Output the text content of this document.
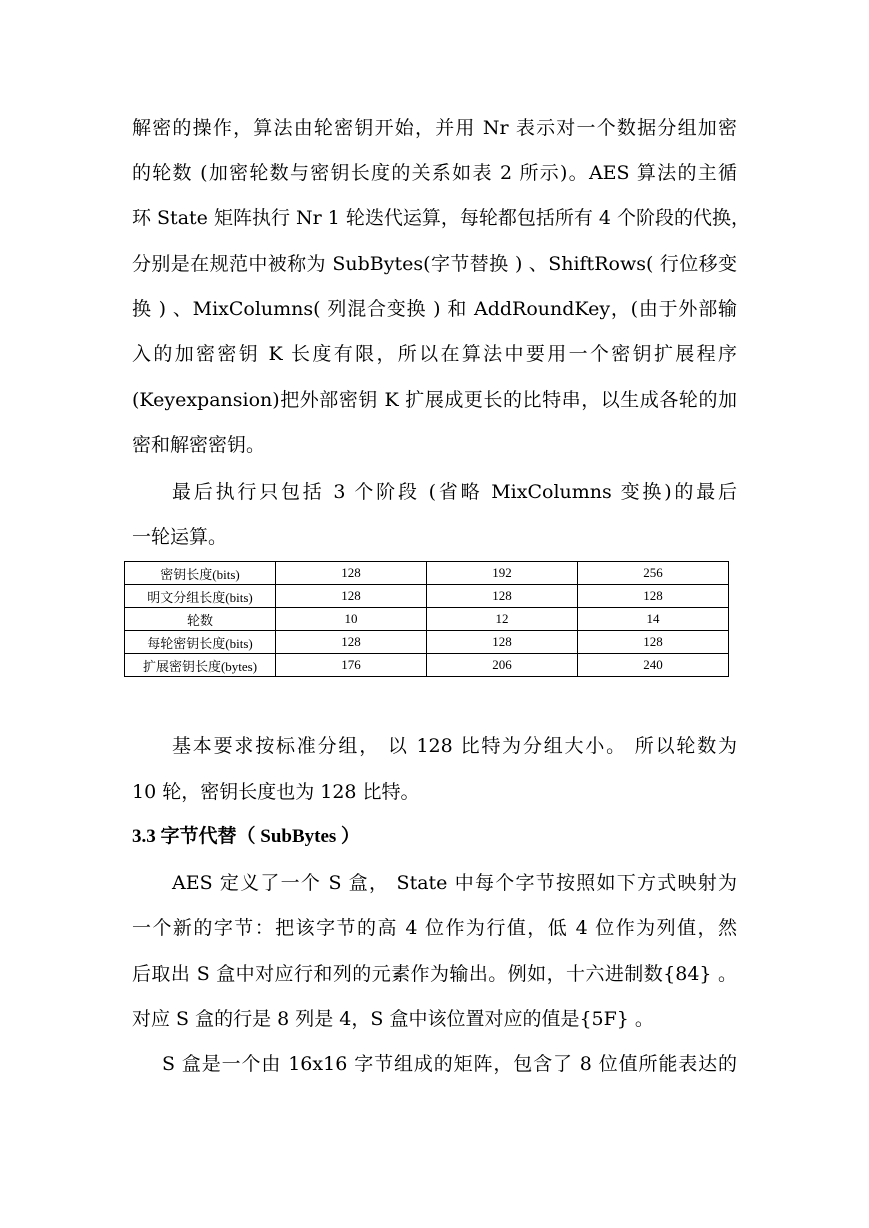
解密的操作，算法由轮密钥开始，并用 Nr 表示对一个数据分组加密
的轮数 (加密轮数与密钥长度的关系如表 2 所示)。AES 算法的主循
环 State 矩阵执行 Nr 1 轮迭代运算，每轮都包括所有 4 个阶段的代换，
分别是在规范中被称为 SubBytes(字节替换 ) 、ShiftRows( 行位移变
换 ) 、MixColumns( 列混合变换 ) 和 AddRoundKey，(由于外部输
入的加密密钥 K 长度有限，所以在算法中要用一个密钥扩展程序
(Keyexpansion)把外部密钥 K 扩展成更长的比特串，以生成各轮的加
密和解密密钥。
最后执行只包括 3 个阶段 (省略 MixColumns 变换)的最后
一轮运算。
密钥长度(bits)	128	192	256
明文分组长度(bits)	128	128	128
轮数	10	12	14
每轮密钥长度(bits)	128	128	128
扩展密钥长度(bytes)	176	206	240
基本要求按标准分组， 以 128 比特为分组大小。 所以轮数为
10 轮，密钥长度也为 128 比特。
3.3 字节代替（ SubBytes ）
AES 定义了一个 S 盒， State 中每个字节按照如下方式映射为
一个新的字节：把该字节的高 4 位作为行值，低 4 位作为列值，然
后取出 S 盒中对应行和列的元素作为输出。例如，十六进制数{84} 。
对应 S 盒的行是 8 列是 4，S 盒中该位置对应的值是{5F} 。
S 盒是一个由 16x16 字节组成的矩阵，包含了 8 位值所能表达的
